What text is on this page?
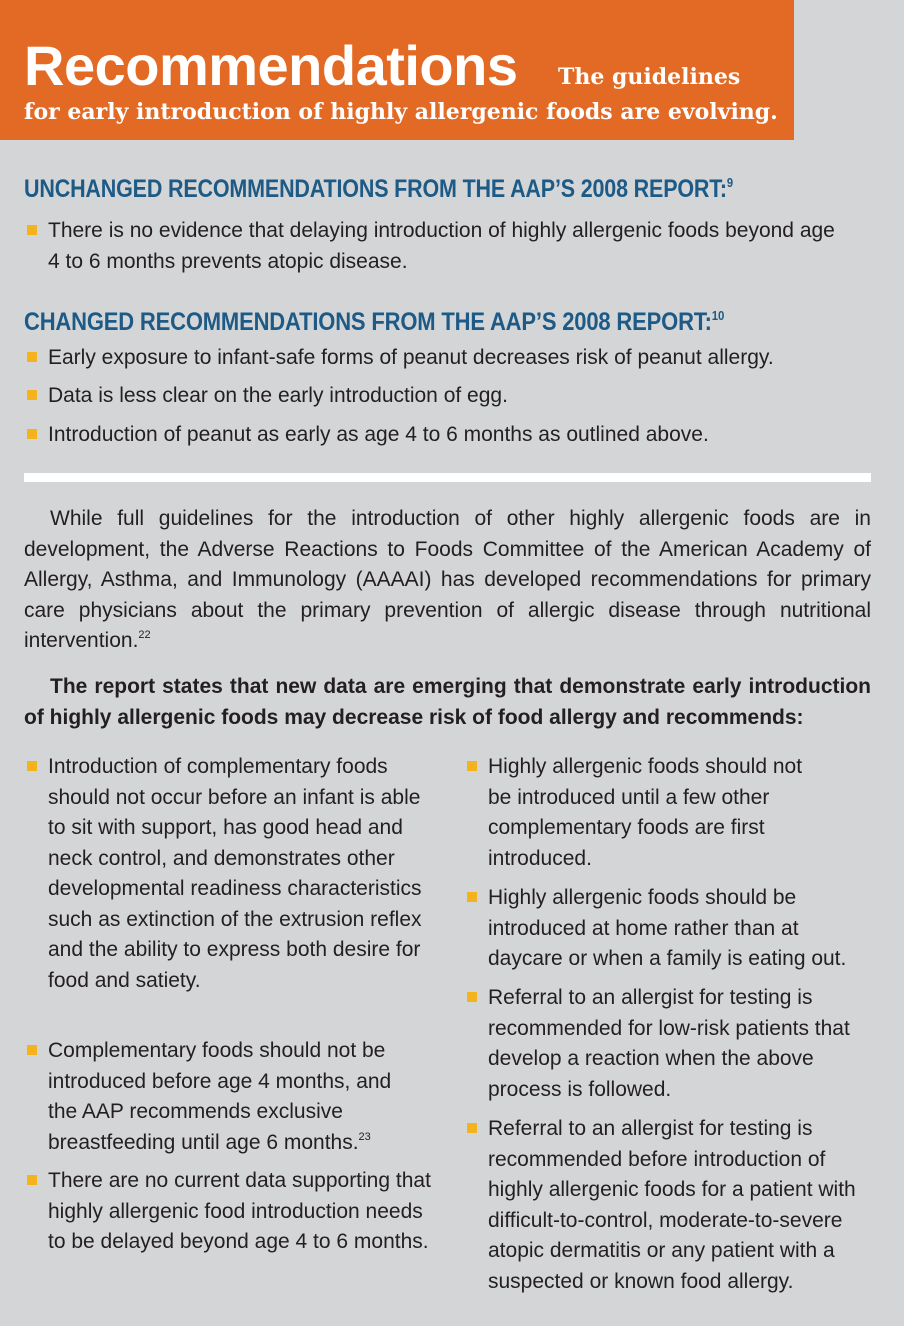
Recommendations The guidelines
for early introduction of highly allergenic foods are evolving.
UNCHANGED RECOMMENDATIONS FROM THE AAP’S 2008 REPORT:$^9$
There is no evidence that delaying introduction of highly allergenic foods beyond age 4 to 6 months prevents atopic disease.
CHANGED RECOMMENDATIONS FROM THE AAP’S 2008 REPORT:$^{10}$
Early exposure to infant-safe forms of peanut decreases risk of peanut allergy.
Data is less clear on the early introduction of egg.
Introduction of peanut as early as age 4 to 6 months as outlined above.
While full guidelines for the introduction of other highly allergenic foods are in development, the Adverse Reactions to Foods Committee of the American Academy of Allergy, Asthma, and Immunology (AAAAI) has developed recommendations for primary care physicians about the primary prevention of allergic disease through nutritional intervention.$^{22}$
The report states that new data are emerging that demonstrate early introduction of highly allergenic foods may decrease risk of food allergy and recommends:
Introduction of complementary foods should not occur before an infant is able to sit with support, has good head and neck control, and demonstrates other developmental readiness characteristics such as extinction of the extrusion reflex and the ability to express both desire for food and satiety.
Complementary foods should not be introduced before age 4 months, and the AAP recommends exclusive breastfeeding until age 6 months.$^{23}$
There are no current data supporting that highly allergenic food introduction needs to be delayed beyond age 4 to 6 months.
Highly allergenic foods should not be introduced until a few other complementary foods are first introduced.
Highly allergenic foods should be introduced at home rather than at daycare or when a family is eating out.
Referral to an allergist for testing is recommended for low-risk patients that develop a reaction when the above process is followed.
Referral to an allergist for testing is recommended before introduction of highly allergenic foods for a patient with difficult-to-control, moderate-to-severe atopic dermatitis or any patient with a suspected or known food allergy.
